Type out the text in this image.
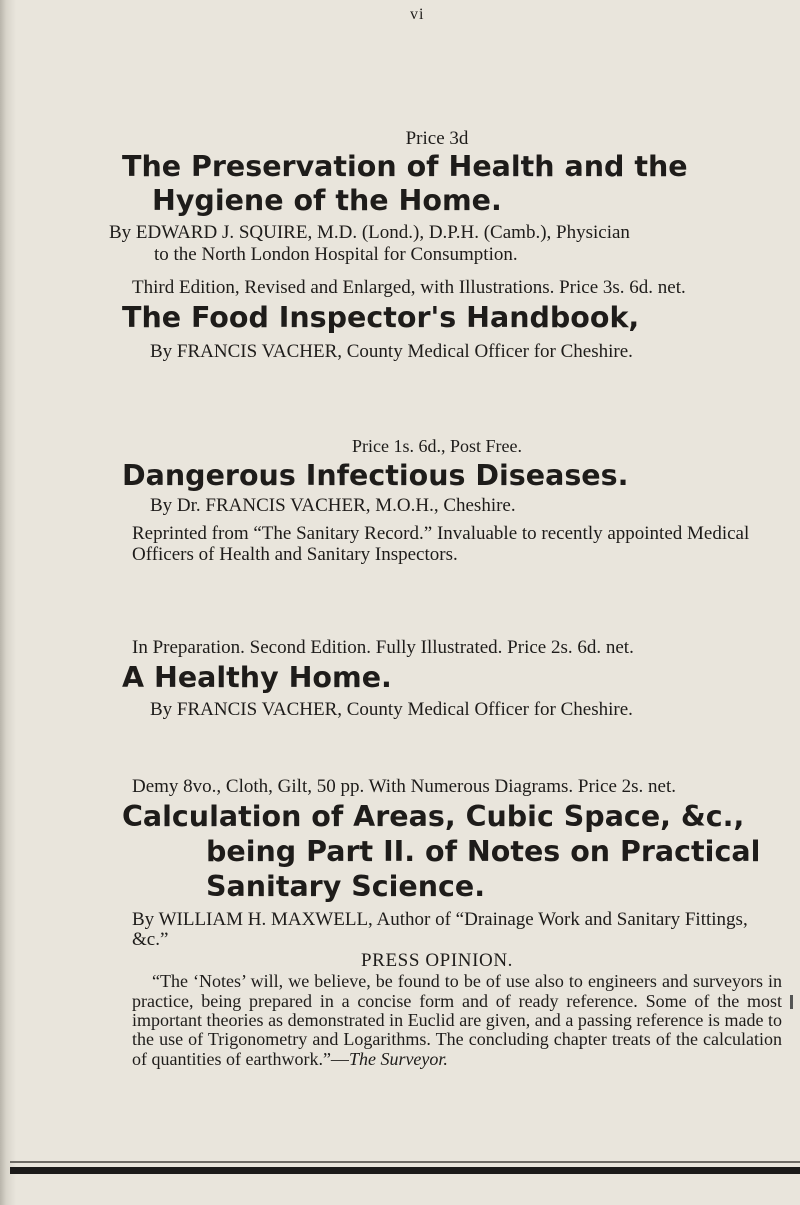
vi
Price 3d
The Preservation of Health and the
Hygiene of the Home.
By EDWARD J. SQUIRE, M.D. (Lond.), D.P.H. (Camb.), Physician
to the North London Hospital for Consumption.
Third Edition, Revised and Enlarged, with Illustrations. Price 3s. 6d. net.
The Food Inspector's Handbook,
By FRANCIS VACHER, County Medical Officer for Cheshire.
Price 1s. 6d., Post Free.
Dangerous Infectious Diseases.
By Dr. FRANCIS VACHER, M.O.H., Cheshire.
Reprinted from “The Sanitary Record.” Invaluable to recently appointed Medical Officers of Health and Sanitary Inspectors.
In Preparation. Second Edition. Fully Illustrated. Price 2s. 6d. net.
A Healthy Home.
By FRANCIS VACHER, County Medical Officer for Cheshire.
Demy 8vo., Cloth, Gilt, 50 pp. With Numerous Diagrams. Price 2s. net.
Calculation of Areas, Cubic Space, &c.,
being Part II. of Notes on Practical
Sanitary Science.
By WILLIAM H. MAXWELL, Author of “Drainage Work and Sanitary Fittings, &c.”
PRESS OPINION.
“The ‘Notes’ will, we believe, be found to be of use also to engineers and surveyors in practice, being prepared in a concise form and of ready reference. Some of the most important theories as demonstrated in Euclid are given, and a passing reference is made to the use of Trigonometry and Logarithms. The concluding chapter treats of the calculation of quantities of earthwork.”—The Surveyor.
